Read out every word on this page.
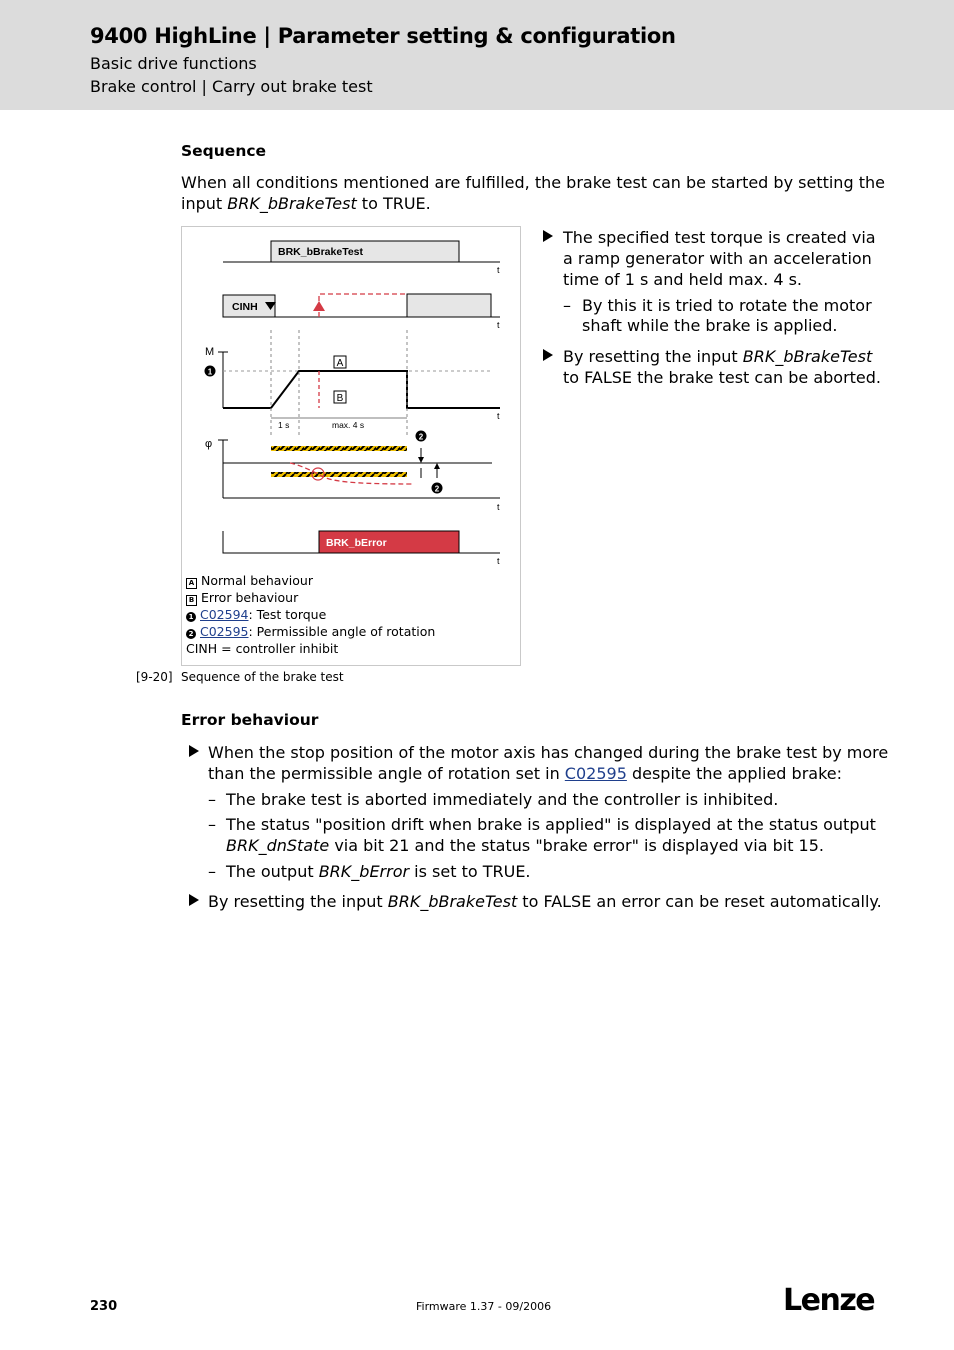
9400 HighLine | Parameter setting & configuration
Basic drive functions
Brake control | Carry out brake test
Sequence
When all conditions mentioned are fulfilled, the brake test can be started by setting the
input BRK_bBrakeTest to TRUE.
BRK_bBrakeTest
t
CINH
t
M
1
A
B
t
1 s	max. 4 s
φ
2
2
t
BRK_bError
t
A Normal behaviour
B Error behaviour
1 C02594: Test torque
2 C02595: Permissible angle of rotation
CINH = controller inhibit
The specified test torque is created via
a ramp generator with an acceleration
time of 1 s and held max. 4 s.
– By this it is tried to rotate the motor
shaft while the brake is applied.
By resetting the input BRK_bBrakeTest
to FALSE the brake test can be aborted.
[9-20] Sequence of the brake test
Error behaviour
When the stop position of the motor axis has changed during the brake test by more
than the permissible angle of rotation set in C02595 despite the applied brake:
– The brake test is aborted immediately and the controller is inhibited.
– The status "position drift when brake is applied" is displayed at the status output
BRK_dnState via bit 21 and the status "brake error" is displayed via bit 15.
– The output BRK_bError is set to TRUE.
By resetting the input BRK_bBrakeTest to FALSE an error can be reset automatically.
230	Firmware 1.37 - 09/2006	Lenze
